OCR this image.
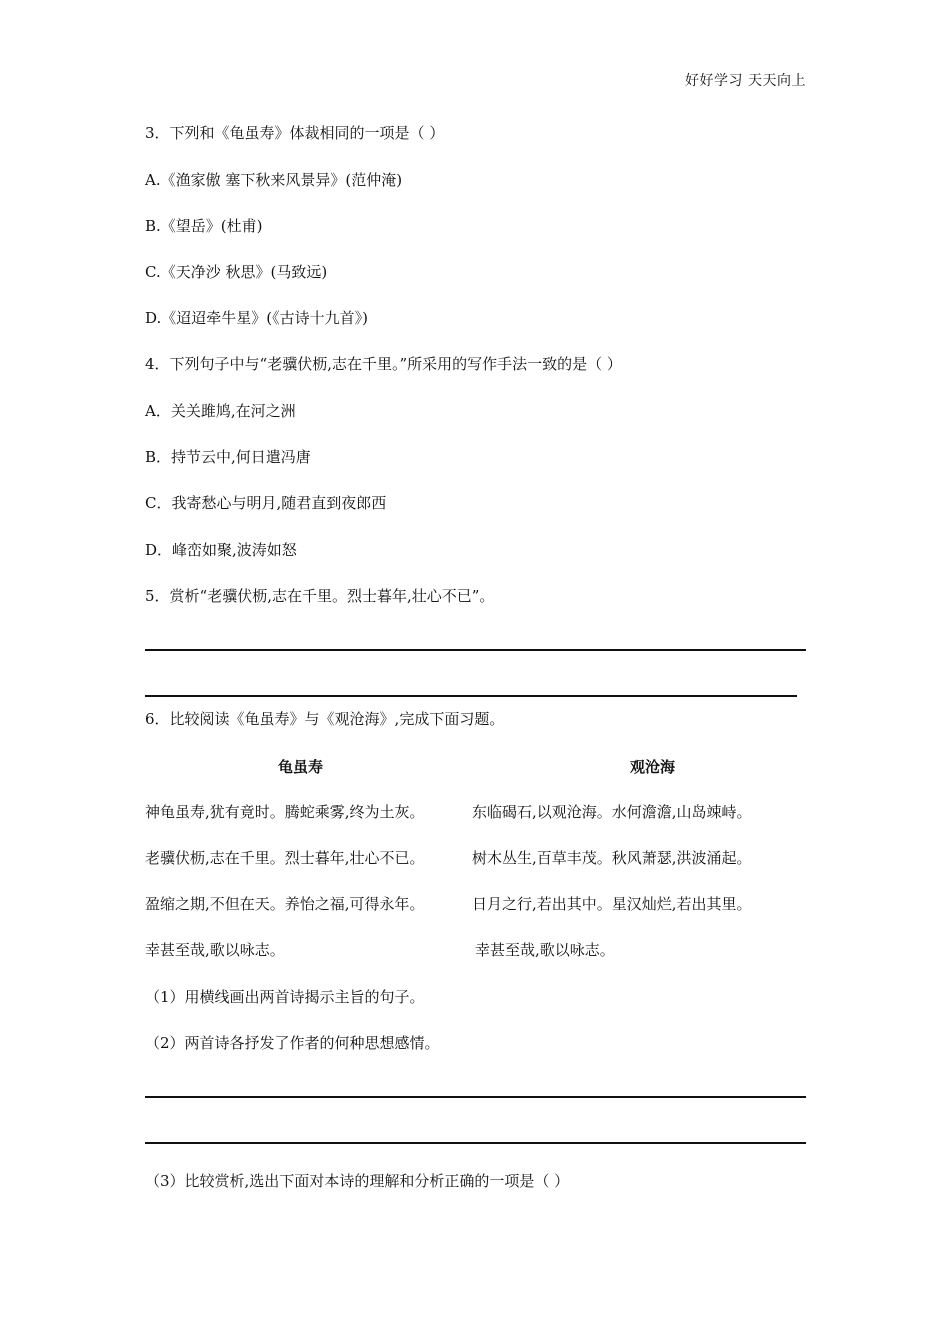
好好学习 天天向上
3．下列和《龟虽寿》体裁相同的一项是（ ）
A.《渔家傲 塞下秋来风景异》(范仲淹)
B.《望岳》(杜甫)
C.《天净沙 秋思》(马致远)
D.《迢迢牵牛星》(《古诗十九首》)
4．下列句子中与“老骥伏枥,志在千里。”所采用的写作手法一致的是（ ）
A．关关雎鸠,在河之洲
B．持节云中,何日遣冯唐
C．我寄愁心与明月,随君直到夜郎西
D．峰峦如聚,波涛如怒
5．赏析“老骥伏枥,志在千里。烈士暮年,壮心不已”。
6．比较阅读《龟虽寿》与《观沧海》,完成下面习题。
龟虽寿	观沧海
神龟虽寿,犹有竟时。腾蛇乘雾,终为土灰。
老骥伏枥,志在千里。烈士暮年,壮心不已。
盈缩之期,不但在天。养怡之福,可得永年。
幸甚至哉,歌以咏志。
东临碣石,以观沧海。水何澹澹,山岛竦峙。
树木丛生,百草丰茂。秋风萧瑟,洪波涌起。
日月之行,若出其中。星汉灿烂,若出其里。
幸甚至哉,歌以咏志。
（1）用横线画出两首诗揭示主旨的句子。
（2）两首诗各抒发了作者的何种思想感情。
（3）比较赏析,选出下面对本诗的理解和分析正确的一项是（ ）
